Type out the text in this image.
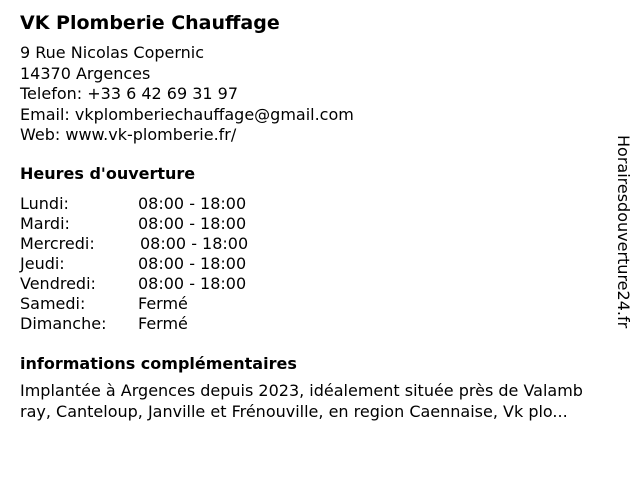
VK Plomberie Chauffage
9 Rue Nicolas Copernic
14370 Argences
Telefon: +33 6 42 69 31 97
Email: vkplomberiechauffage@gmail.com
Web: www.vk-plomberie.fr/
Heures d'ouverture
Lundi:	08:00 - 18:00
Mardi:	08:00 - 18:00
Mercredi:	08:00 - 18:00
Jeudi:	08:00 - 18:00
Vendredi:	08:00 - 18:00
Samedi:	Fermé
Dimanche: Fermé
informations complémentaires
Implantée à Argences depuis 2023, idéalement située près de Valamb
ray, Canteloup, Janville et Frénouville, en region Caennaise, Vk plo...
Horairesdouverture24.fr
